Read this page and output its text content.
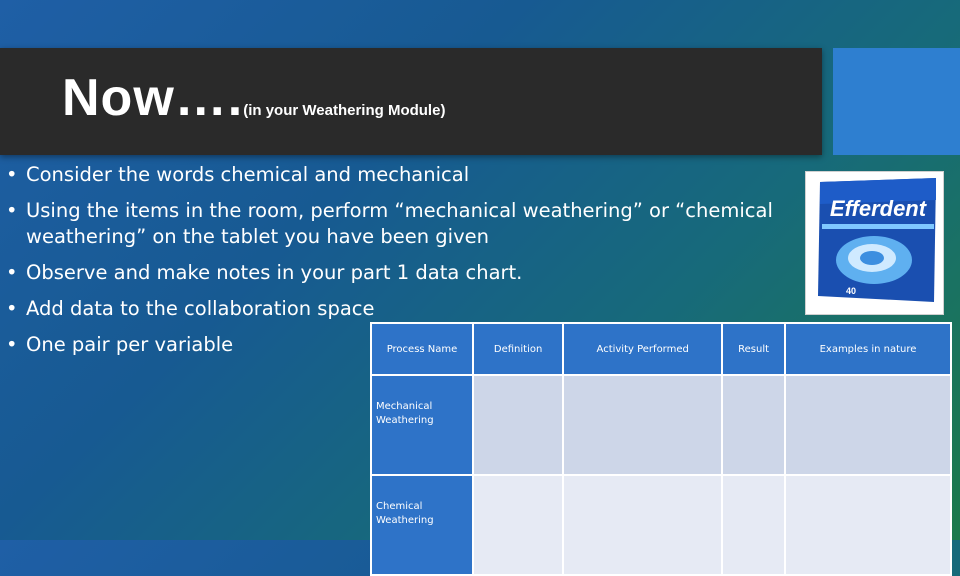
Now….(in your Weathering Module)
• Consider the words chemical and mechanical
• Using the items in the room, perform “mechanical weathering” or “chemical weathering” on the tablet you have been given
• Observe and make notes in your part 1 data chart.
• Add data to the collaboration space
• One pair per variable
Efferdent
40
Process Name	Definition	Activity Performed	Result	Examples in nature
Mechanical Weathering				
Chemical Weathering				
